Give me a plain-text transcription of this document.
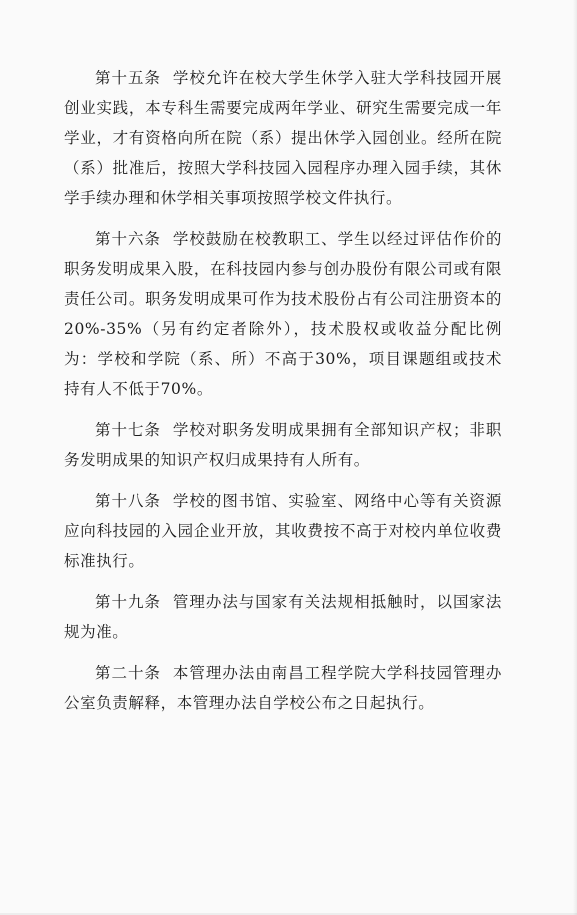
第十五条 学校允许在校大学生休学入驻大学科技园开展创业实践，本专科生需要完成两年学业、研究生需要完成一年学业，才有资格向所在院（系）提出休学入园创业。经所在院（系）批准后，按照大学科技园入园程序办理入园手续，其休学手续办理和休学相关事项按照学校文件执行。

第十六条 学校鼓励在校教职工、学生以经过评估作价的职务发明成果入股，在科技园内参与创办股份有限公司或有限责任公司。职务发明成果可作为技术股份占有公司注册资本的20%-35%（另有约定者除外），技术股权或收益分配比例为：学校和学院（系、所）不高于30%，项目课题组或技术持有人不低于70%。

第十七条 学校对职务发明成果拥有全部知识产权；非职务发明成果的知识产权归成果持有人所有。

第十八条 学校的图书馆、实验室、网络中心等有关资源应向科技园的入园企业开放，其收费按不高于对校内单位收费标准执行。

第十九条 管理办法与国家有关法规相抵触时，以国家法规为准。

第二十条 本管理办法由南昌工程学院大学科技园管理办公室负责解释，本管理办法自学校公布之日起执行。
